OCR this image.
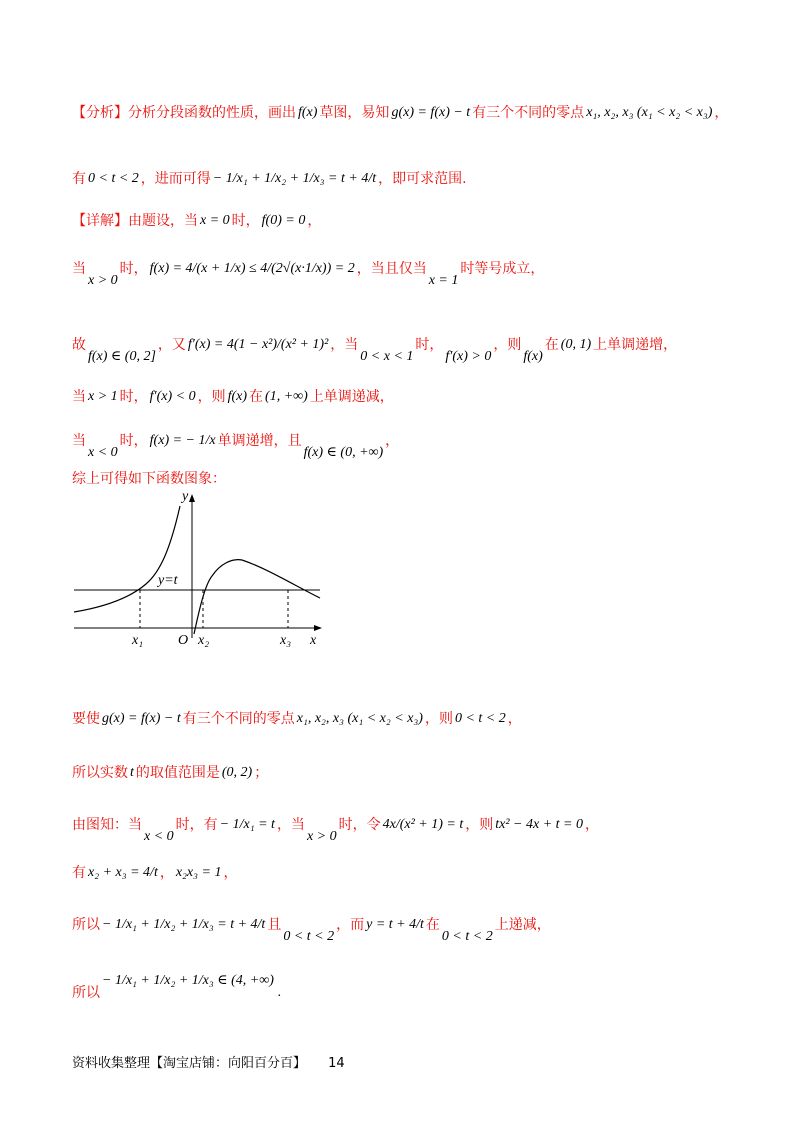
【分析】分析分段函数的性质，画出 f(x) 草图，易知 g(x) = f(x) − t 有三个不同的零点 x₁, x₂, x₃ (x₁ < x₂ < x₃) ，
有 0 < t < 2 ，进而可得 − 1/x₁ + 1/x₂ + 1/x₃ = t + 4/t ，即可求范围.
【详解】由题设，当 x = 0 时， f(0) = 0 ，
当
x > 0
时， f(x) = 4/(x + 1/x) ≤ 4/(2√(x·1/x)) = 2 ，当且仅当
x = 1
时等号成立，
故
f(x) ∈ (0, 2]
，又 f′(x) = 4(1 − x²)/(x² + 1)² ，当
0 < x < 1
时，
f′(x) > 0
，则
f(x)
在 (0, 1) 上单调递增，
当 x > 1 时， f′(x) < 0 ，则 f(x) 在 (1, +∞) 上单调递减，
当
x < 0
时， f(x) = − 1/x 单调递增，且
f(x) ∈ (0, +∞)
，
综上可得如下函数图象：
y
x
O
y=t
x₁	x₂	x₃
要使 g(x) = f(x) − t 有三个不同的零点 x₁, x₂, x₃ (x₁ < x₂ < x₃) ，则 0 < t < 2 ，
所以实数 t 的取值范围是 (0, 2) ；
由图知：当
x < 0
时，有 − 1/x₁ = t ，当
x > 0
时，令 4x/(x² + 1) = t ，则 tx² − 4x + t = 0 ，
有 x₂ + x₃ = 4/t ， x₂x₃ = 1 ，
所以 − 1/x₁ + 1/x₂ + 1/x₃ = t + 4/t 且
0 < t < 2
，而 y = t + 4/t 在
0 < t < 2
上递减，
所以
− 1/x₁ + 1/x₂ + 1/x₃ ∈ (4, +∞)
.
资料收集整理【淘宝店铺：向阳百分百】 14
